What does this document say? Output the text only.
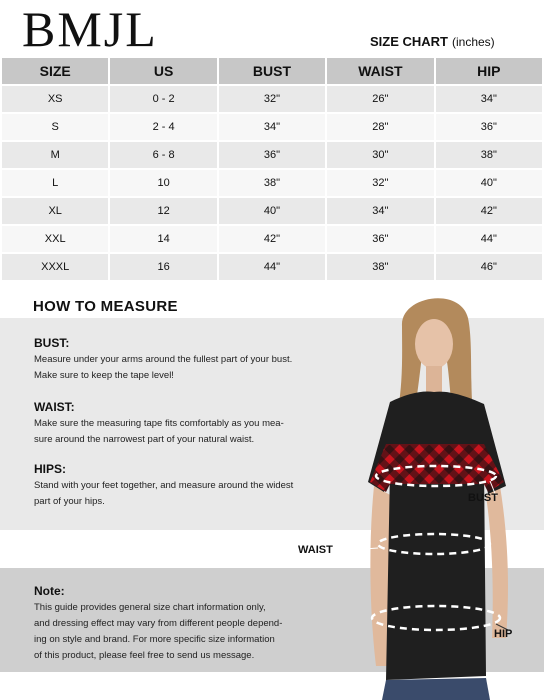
BMJL	SIZE CHART (inches)
SIZE	US	BUST	WAIST	HIP
XS	0 - 2	32"	26"	34"
S	2 - 4	34"	28"	36"
M	6 - 8	36"	30"	38"
L	10	38"	32"	40"
XL	12	40"	34"	42"
XXL	14	42"	36"	44"
XXXL	16	44"	38"	46"
HOW TO MEASURE
BUST:
Measure under your arms around the fullest part of your bust.
Make sure to keep the tape level!
WAIST:
Make sure the measuring tape fits comfortably as you mea-
sure around the narrowest part of your natural waist.
HIPS:
Stand with your feet together, and measure around the widest
part of your hips.
Note:
This guide provides general size chart information only,
and dressing effect may vary from different people depend-
ing on style and brand. For more specific size information
of this product, please feel free to send us message.
BUST
WAIST
HIP
